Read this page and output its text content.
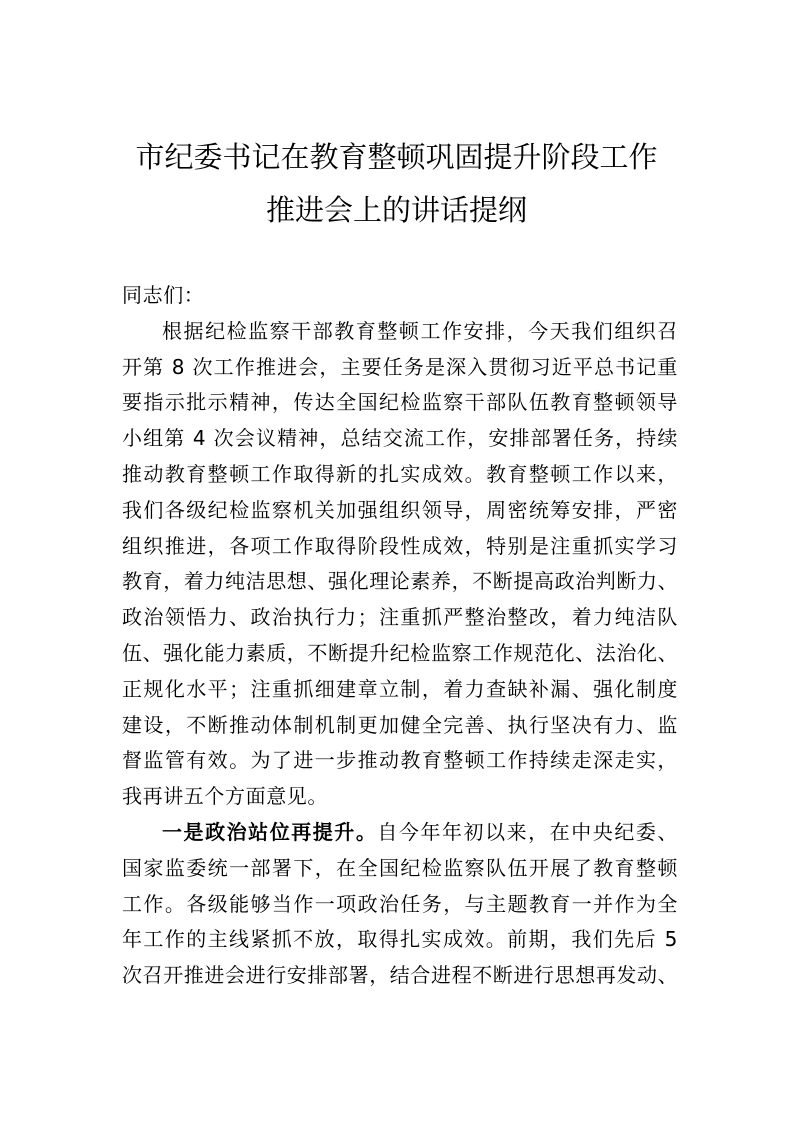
市纪委书记在教育整顿巩固提升阶段工作
推进会上的讲话提纲
同志们：
根据纪检监察干部教育整顿工作安排，今天我们组织召
开第 8 次工作推进会，主要任务是深入贯彻习近平总书记重
要指示批示精神，传达全国纪检监察干部队伍教育整顿领导
小组第 4 次会议精神，总结交流工作，安排部署任务，持续
推动教育整顿工作取得新的扎实成效。教育整顿工作以来，
我们各级纪检监察机关加强组织领导，周密统筹安排，严密
组织推进，各项工作取得阶段性成效，特别是注重抓实学习
教育，着力纯洁思想、强化理论素养，不断提高政治判断力、
政治领悟力、政治执行力；注重抓严整治整改，着力纯洁队
伍、强化能力素质，不断提升纪检监察工作规范化、法治化、
正规化水平；注重抓细建章立制，着力查缺补漏、强化制度
建设，不断推动体制机制更加健全完善、执行坚决有力、监
督监管有效。为了进一步推动教育整顿工作持续走深走实，
我再讲五个方面意见。
一是政治站位再提升。自今年年初以来，在中央纪委、
国家监委统一部署下，在全国纪检监察队伍开展了教育整顿
工作。各级能够当作一项政治任务，与主题教育一并作为全
年工作的主线紧抓不放，取得扎实成效。前期，我们先后 5
次召开推进会进行安排部署，结合进程不断进行思想再发动、
